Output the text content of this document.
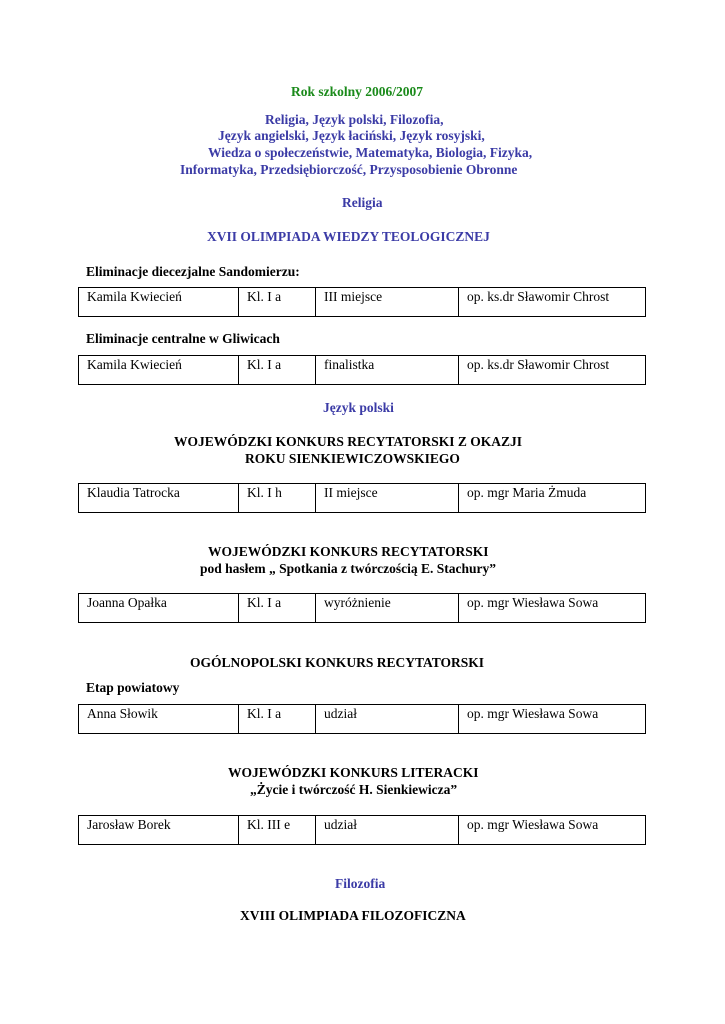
Rok szkolny 2006/2007
Religia, Język polski, Filozofia,
Język angielski, Język łaciński, Język rosyjski,
Wiedza o społeczeństwie, Matematyka, Biologia, Fizyka,
Informatyka, Przedsiębiorczość, Przysposobienie Obronne
Religia
XVII OLIMPIADA WIEDZY TEOLOGICZNEJ
Eliminacje diecezjalne Sandomierzu:
Kamila Kwiecień	Kl. I a	III miejsce	op. ks.dr Sławomir Chrost
Eliminacje centralne w Gliwicach
Kamila Kwiecień	Kl. I a	finalistka	op. ks.dr Sławomir Chrost
Język polski
WOJEWÓDZKI KONKURS RECYTATORSKI Z OKAZJI
ROKU SIENKIEWICZOWSKIEGO
Klaudia Tatrocka	Kl. I h	II miejsce	op. mgr Maria Żmuda
WOJEWÓDZKI KONKURS RECYTATORSKI
pod hasłem „ Spotkania z twórczością E. Stachury”
Joanna Opałka	Kl. I a	wyróżnienie	op. mgr Wiesława Sowa
OGÓLNOPOLSKI KONKURS RECYTATORSKI
Etap powiatowy
Anna Słowik	Kl. I a	udział	op. mgr Wiesława Sowa
WOJEWÓDZKI KONKURS LITERACKI
„Życie i twórczość H. Sienkiewicza”
Jarosław Borek	Kl. III e	udział	op. mgr Wiesława Sowa
Filozofia
XVIII OLIMPIADA FILOZOFICZNA
